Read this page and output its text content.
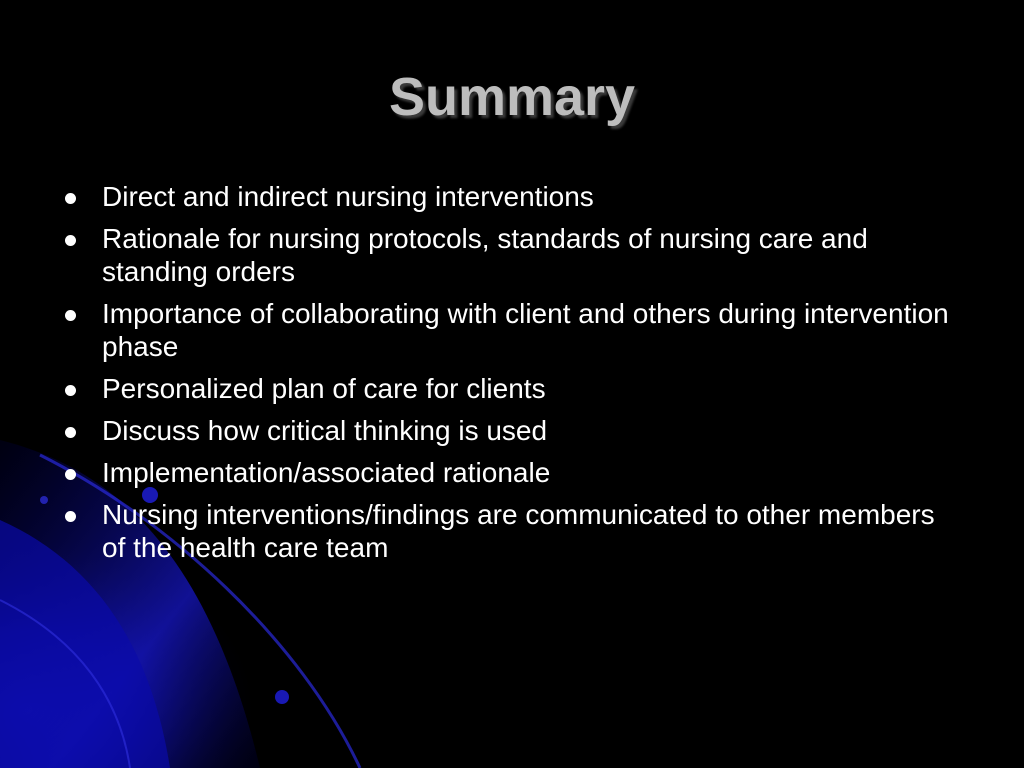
Summary
Direct and indirect nursing interventions
Rationale for nursing protocols, standards of nursing care and standing orders
Importance of collaborating with client and others during intervention phase
Personalized plan of care for clients
Discuss how critical thinking is used
Implementation/associated rationale
Nursing interventions/findings are communicated to other members of the health care team
